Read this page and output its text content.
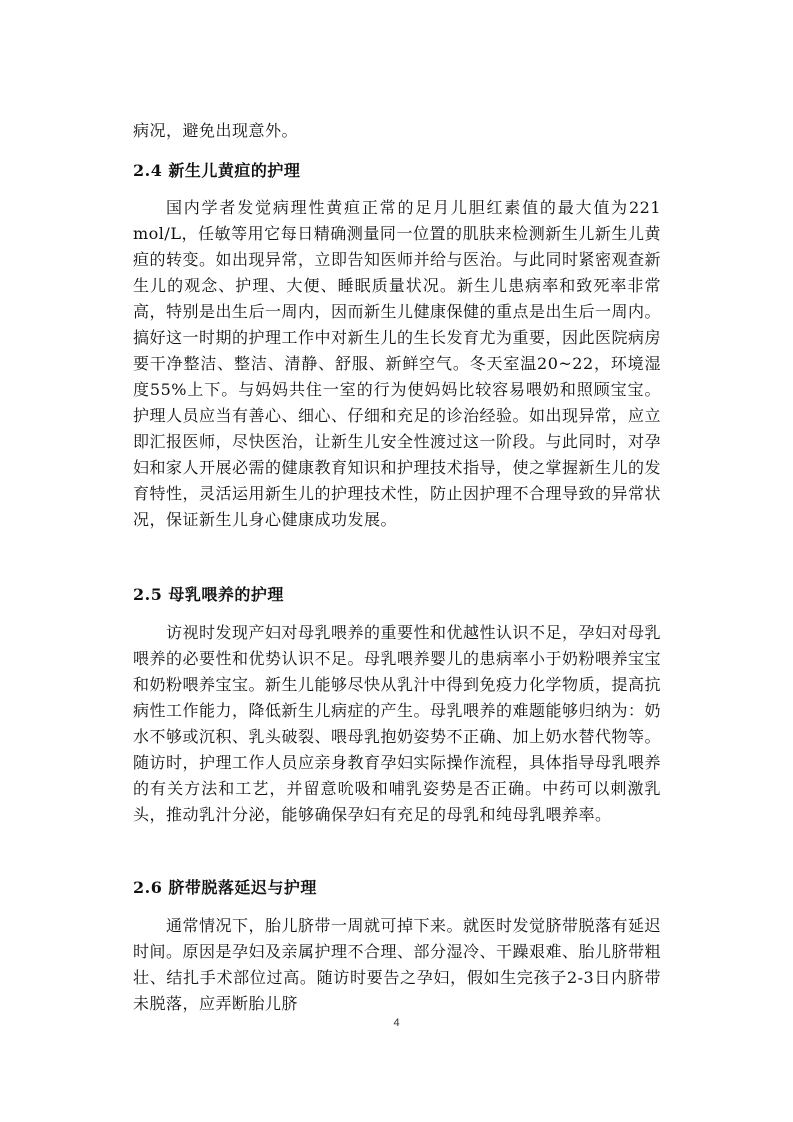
病况，避免出现意外。

2.4 新生儿黄疸的护理

国内学者发觉病理性黄疸正常的足月儿胆红素值的最大值为221 mol/L，任敏等用它每日精确测量同一位置的肌肤来检测新生儿新生儿黄疸的转变。如出现异常，立即告知医师并给与医治。与此同时紧密观查新生儿的观念、护理、大便、睡眠质量状况。新生儿患病率和致死率非常高，特别是出生后一周内，因而新生儿健康保健的重点是出生后一周内。搞好这一时期的护理工作中对新生儿的生长发育尤为重要，因此医院病房要干净整洁、整洁、清静、舒服、新鲜空气。冬天室温20~22，环境湿度55%上下。与妈妈共住一室的行为使妈妈比较容易喂奶和照顾宝宝。护理人员应当有善心、细心、仔细和充足的诊治经验。如出现异常，应立即汇报医师，尽快医治，让新生儿安全性渡过这一阶段。与此同时，对孕妇和家人开展必需的健康教育知识和护理技术指导，使之掌握新生儿的发育特性，灵活运用新生儿的护理技术性，防止因护理不合理导致的异常状况，保证新生儿身心健康成功发展。

2.5 母乳喂养的护理

访视时发现产妇对母乳喂养的重要性和优越性认识不足，孕妇对母乳喂养的必要性和优势认识不足。母乳喂养婴儿的患病率小于奶粉喂养宝宝和奶粉喂养宝宝。新生儿能够尽快从乳汁中得到免疫力化学物质，提高抗病性工作能力，降低新生儿病症的产生。母乳喂养的难题能够归纳为：奶水不够或沉积、乳头破裂、喂母乳抱奶姿势不正确、加上奶水替代物等。随访时，护理工作人员应亲身教育孕妇实际操作流程，具体指导母乳喂养的有关方法和工艺，并留意吮吸和哺乳姿势是否正确。中药可以刺激乳头，推动乳汁分泌，能够确保孕妇有充足的母乳和纯母乳喂养率。

2.6 脐带脱落延迟与护理

通常情况下，胎儿脐带一周就可掉下来。就医时发觉脐带脱落有延迟时间。原因是孕妇及亲属护理不合理、部分湿冷、干躁艰难、胎儿脐带粗壮、结扎手术部位过高。随访时要告之孕妇，假如生完孩子2-3日内脐带未脱落，应弄断胎儿脐

4
